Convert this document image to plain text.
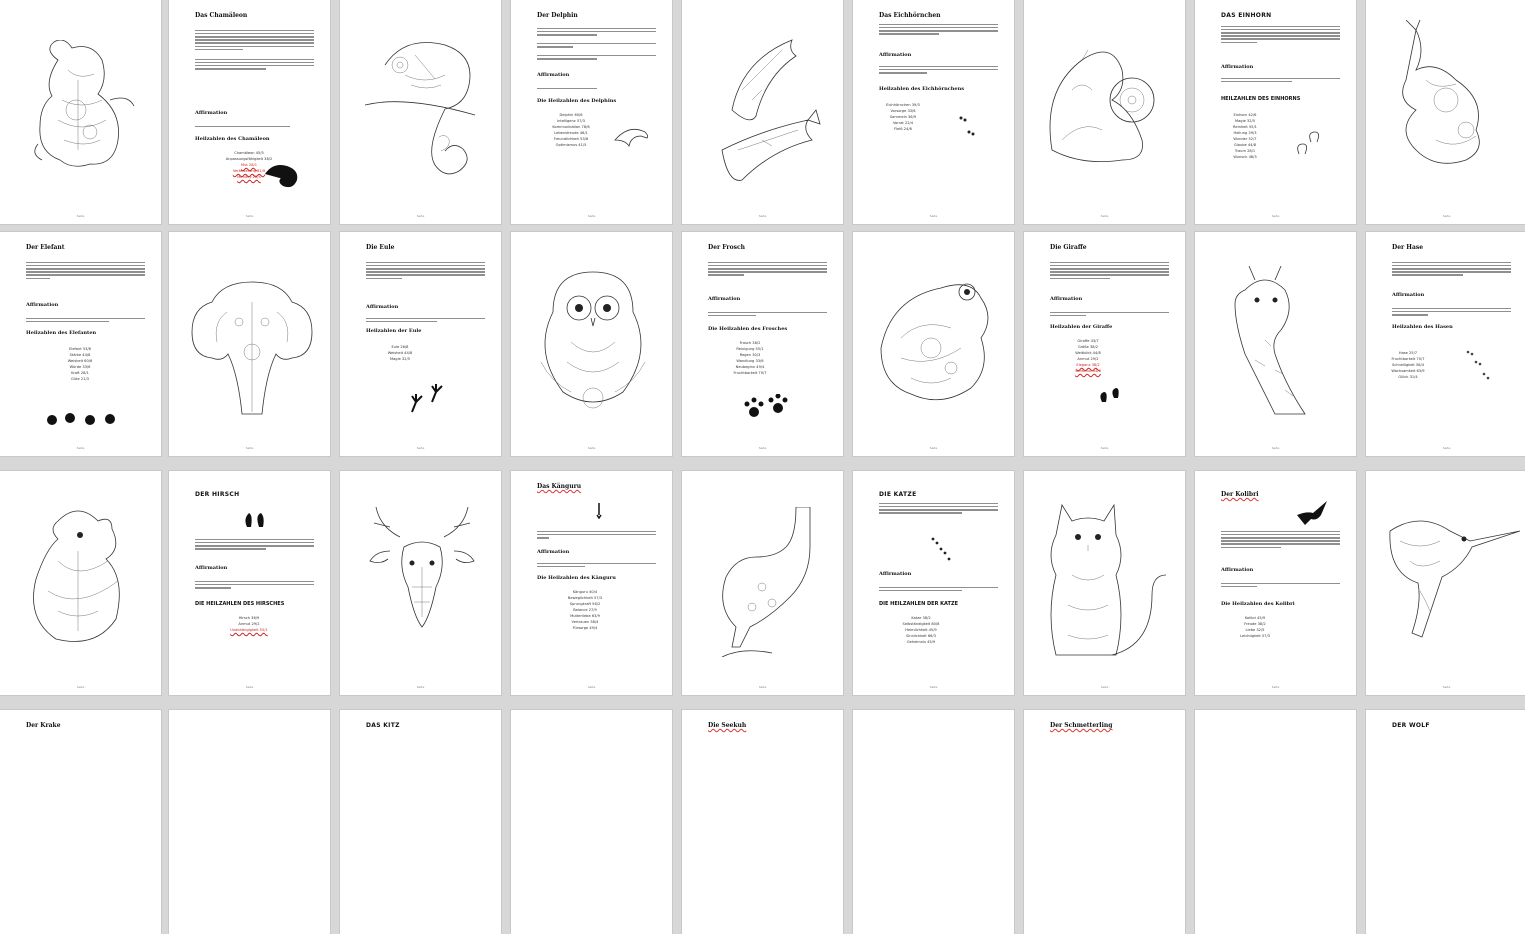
Seite
Das Chamäleon
Affirmation
Heilzahlen des Chamäleon
Chamäleon 45/5
Anpassungsfähigkeit 38/2
Mut 28/1
Veränderung 81/9
Mimikry 22/4
Seite	Seite
Der Delphin
Affirmation
Die Heilzahlen des Delphins
Delphin 60/6
Intelligenz 57/3
Kommunikation 78/6
Lebensfreude 46/1
Freundlichkeit 53/8
Optimismus 41/5
Seite	Seite
Das Eichhörnchen
Affirmation
Heilzahlen des Eichhörnchens
Eichhörnchen 39/3
Vorsorge 33/6
Sammeln 36/9
Vorrat 22/4
Fleiß 24/6
Seite	Seite
DAS EINHORN
Affirmation
HEILZAHLEN DES EINHORNS
Einhorn 42/6
Magie 32/5
Reinheit 55/1
Heilung 39/3
Wunder 52/7
Glaube 44/8
Traum 28/1
Wunsch 48/3
Seite	Seite
Der Elefant
Affirmation
Heilzahlen des Elefanten
Elefant 53/8
Stärke 44/8
Weisheit 60/6
Würde 33/6
Kraft 28/1
Güte 21/3
Seite	Seite
Die Eule
Affirmation
Heilzahlen der Eule
Eule 26/8
Weisheit 44/8
Magie 32/5
Seite	Seite
Der Frosch
Affirmation
Die Heilzahlen des Frosches
Frosch 38/2
Reinigung 55/1
Regen 30/3
Wandlung 33/6
Neubeginn 49/4
Fruchtbarkeit 70/7
Seite	Seite
Die Giraffe
Affirmation
Heilzahlen der Giraffe
Giraffe 43/7
Größe 38/2
Weitblick 44/8
Anmut 29/2
Eleganz 38/2
Sanftmut 44/8
Seite	Seite
Der Hase
Affirmation
Heilzahlen des Hasen
Hase 25/7
Fruchtbarkeit 70/7
Schnelligkeit 58/4
Wachsamkeit 63/9
Glück 31/4
Seite
Seite
DER HIRSCH
Affirmation
DIE HEILZAHLEN DES HIRSCHES
Hirsch 36/9
Anmut 29/2
Unabhängigkeit 55/1
Seite	Seite
Das Känguru
Affirmation
Die Heilzahlen des Känguru
Känguru 40/4
Beweglichkeit 57/3
Sprungkraft 56/2
Balance 27/9
Mutterliebe 63/9
Vertrauen 58/4
Fürsorge 49/4
Seite	Seite
DIE KATZE
Affirmation
DIE HEILZAHLEN DER KATZE
Katze 38/2
Selbständigkeit 80/8
Heimlichkeit 45/9
Sinnlichkeit 66/3
Geheimnis 45/9
Seite	Seite
Der Kolibri
Affirmation
Die Heilzahlen des Kolibri
Kolibri 45/9
Freude 38/2
Liebe 32/5
Leichtigkeit 57/3
Seite	Seite
Der Krake	DAS KITZ	Die Seekuh	Der Schmetterling	DER WOLF
